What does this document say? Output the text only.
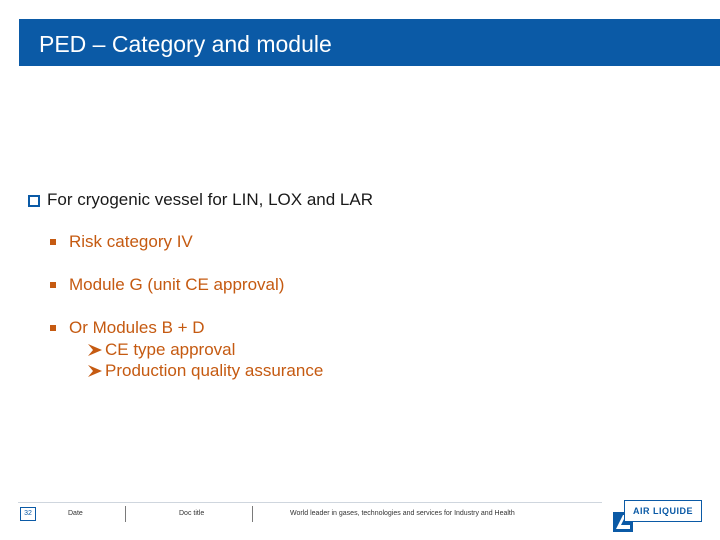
PED – Category and module
For cryogenic vessel for LIN, LOX and LAR
Risk category IV
Module G (unit CE approval)
Or Modules B + D
CE type approval
Production quality assurance
32	Date	Doc title	World leader in gases, technologies and services for Industry and Health	AIR LIQUIDE
